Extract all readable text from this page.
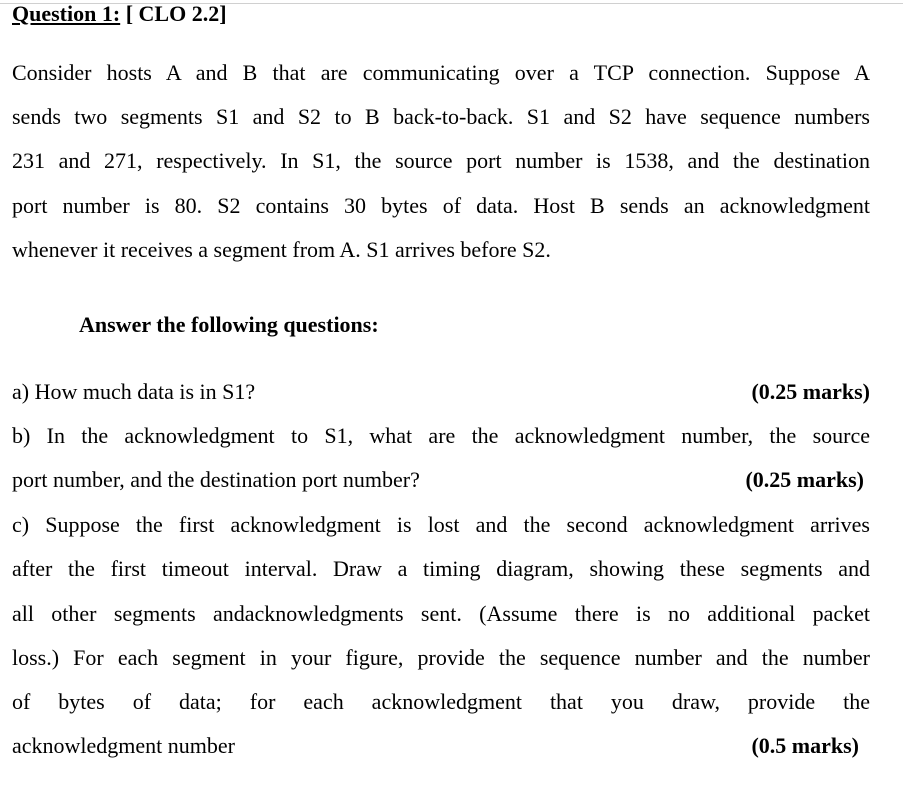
Question 1: [ CLO 2.2]
Consider hosts A and B that are communicating over a TCP connection. Suppose A
sends two segments S1 and S2 to B back-to-back. S1 and S2 have sequence numbers
231 and 271, respectively. In S1, the source port number is 1538, and the destination
port number is 80. S2 contains 30 bytes of data. Host B sends an acknowledgment
whenever it receives a segment from A. S1 arrives before S2.
Answer the following questions:
a) How much data is in S1?	(0.25 marks)
b) In the acknowledgment to S1, what are the acknowledgment number, the source
port number, and the destination port number?	(0.25 marks)
c) Suppose the first acknowledgment is lost and the second acknowledgment arrives
after the first timeout interval. Draw a timing diagram, showing these segments and
all other segments andacknowledgments sent. (Assume there is no additional packet
loss.) For each segment in your figure, provide the sequence number and the number
of bytes of data; for each acknowledgment that you draw, provide the
acknowledgment number	(0.5 marks)
